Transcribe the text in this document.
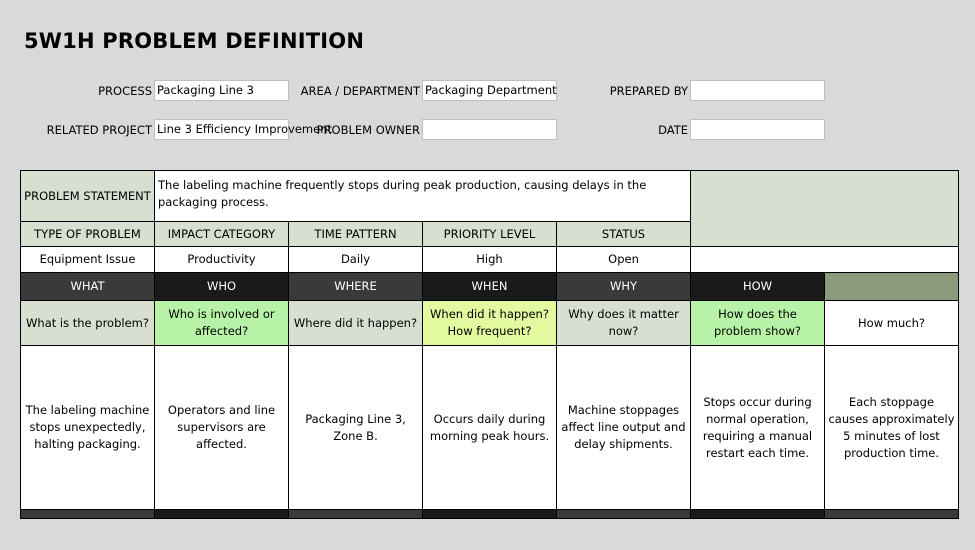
5W1H PROBLEM DEFINITION
PROCESS Packaging Line 3	AREA / DEPARTMENT Packaging Department	PREPARED BY
RELATED PROJECT Line 3 Efficiency Improvement
PROBLEM OWNER	DATE
PROBLEM STATEMENT	The labeling machine frequently stops during peak production, causing delays in the packaging process.					
TYPE OF PROBLEM	IMPACT CATEGORY	TIME PATTERN	PRIORITY LEVEL	STATUS		
Equipment Issue	Productivity	Daily	High	Open		
WHAT	WHO	WHERE	WHEN	WHY	HOW	
What is the problem?	Who is involved or affected?	Where did it happen?	When did it happen? How frequent?	Why does it matter now?	How does the problem show?	How much?
The labeling machine stops unexpectedly, halting packaging.	Operators and line supervisors are affected.	Packaging Line 3, Zone B.	Occurs daily during morning peak hours.	Machine stoppages affect line output and delay shipments.	Stops occur during normal operation, requiring a manual restart each time.	Each stoppage causes approximately 5 minutes of lost production time.
